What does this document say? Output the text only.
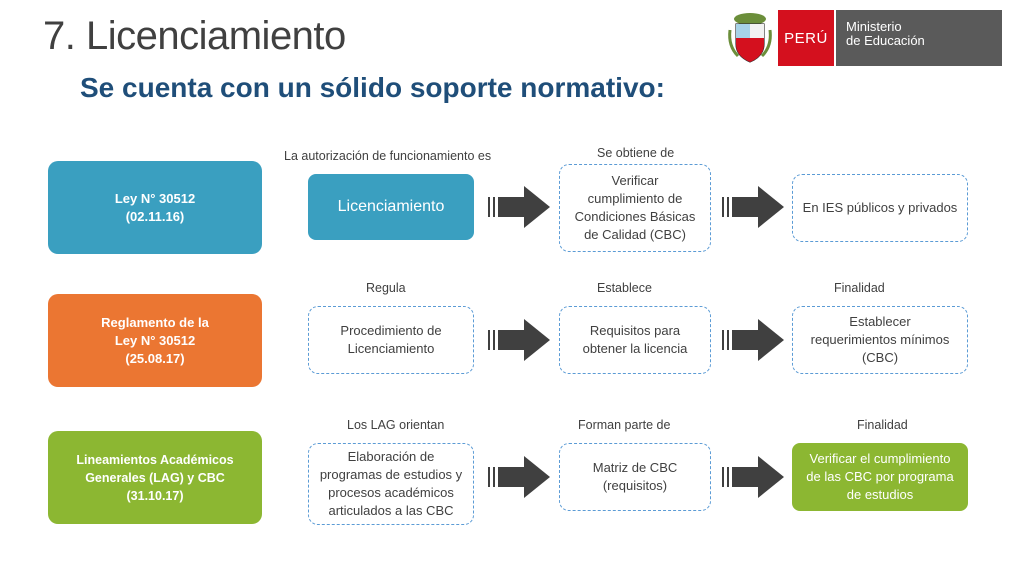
7. Licenciamiento
Se cuenta con un sólido soporte normativo:
PERÚ
Ministerio
de Educación
Ley N° 30512
(02.11.16)
La autorización de funcionamiento es
Licenciamiento
Se obtiene de
Verificar cumplimiento de Condiciones Básicas de Calidad (CBC)
En IES públicos y privados
Reglamento de la
Ley N° 30512
(25.08.17)
Regula
Procedimiento de Licenciamiento
Establece
Requisitos para obtener la licencia
Finalidad
Establecer requerimientos mínimos (CBC)
Lineamientos Académicos
Generales (LAG) y CBC
(31.10.17)
Los LAG orientan
Elaboración de programas de estudios y procesos académicos articulados a las CBC
Forman parte de
Matriz de CBC (requisitos)
Finalidad
Verificar el cumplimiento de las CBC por programa de estudios
